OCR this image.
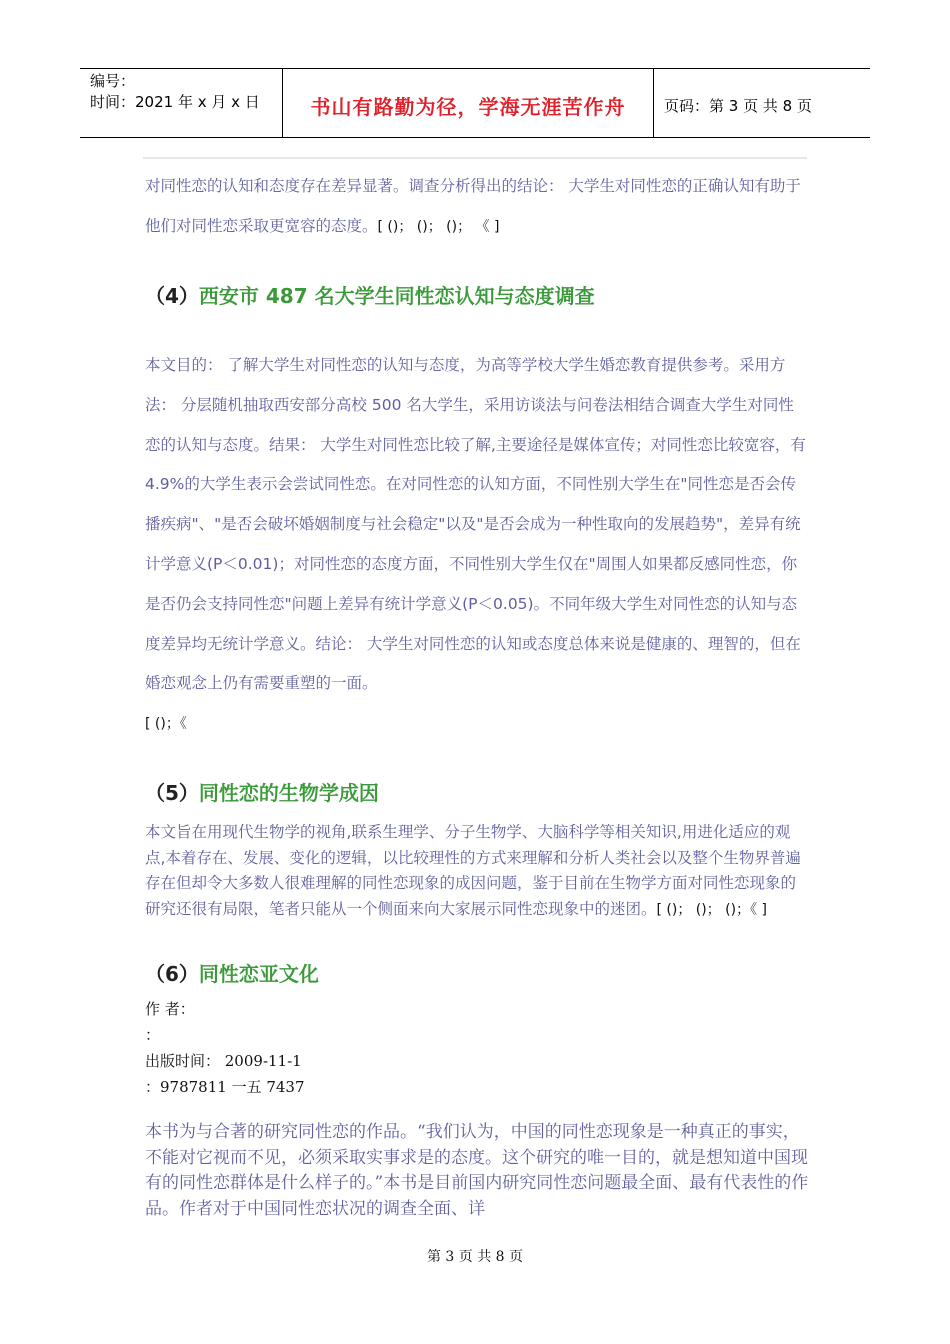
编号：
时间：2021 年 x 月 x 日	书山有路勤为径，学海无涯苦作舟	页码：第 3 页 共 8 页

对同性恋的认知和态度存在差异显著。调查分析得出的结论： 大学生对同性恋的正确认知有助于他们对同性恋采取更宽容的态度。[ ()； ()； ()； 《 ]

（4）西安市 487 名大学生同性恋认知与态度调查

本文目的： 了解大学生对同性恋的认知与态度，为高等学校大学生婚恋教育提供参考。采用方法： 分层随机抽取西安部分高校 500 名大学生，采用访谈法与问卷法相结合调查大学生对同性恋的认知与态度。结果： 大学生对同性恋比较了解,主要途径是媒体宣传；对同性恋比较宽容，有 4.9%的大学生表示会尝试同性恋。在对同性恋的认知方面，不同性别大学生在"同性恋是否会传播疾病"、"是否会破坏婚姻制度与社会稳定"以及"是否会成为一种性取向的发展趋势"，差异有统计学意义(P＜0.01)；对同性恋的态度方面，不同性别大学生仅在"周围人如果都反感同性恋，你是否仍会支持同性恋"问题上差异有统计学意义(P＜0.05)。不同年级大学生对同性恋的认知与态度差异均无统计学意义。结论： 大学生对同性恋的认知或态度总体来说是健康的、理智的，但在婚恋观念上仍有需要重塑的一面。
[ ()；《

（5）同性恋的生物学成因

本文旨在用现代生物学的视角,联系生理学、分子生物学、大脑科学等相关知识,用进化适应的观点,本着存在、发展、变化的逻辑，以比较理性的方式来理解和分析人类社会以及整个生物界普遍存在但却令大多数人很难理解的同性恋现象的成因问题，鉴于目前在生物学方面对同性恋现象的研究还很有局限，笔者只能从一个侧面来向大家展示同性恋现象中的迷团。[ ()； ()； ()；《 ]

（6）同性恋亚文化
作 者：
：
出版时间： 2009-11-1
：9787811 一五 7437

本书为与合著的研究同性恋的作品。“我们认为，中国的同性恋现象是一种真正的事实，不能对它视而不见，必须采取实事求是的态度。这个研究的唯一目的，就是想知道中国现有的同性恋群体是什么样子的。”本书是目前国内研究同性恋问题最全面、最有代表性的作品。作者对于中国同性恋状况的调查全面、详

第 3 页 共 8 页
